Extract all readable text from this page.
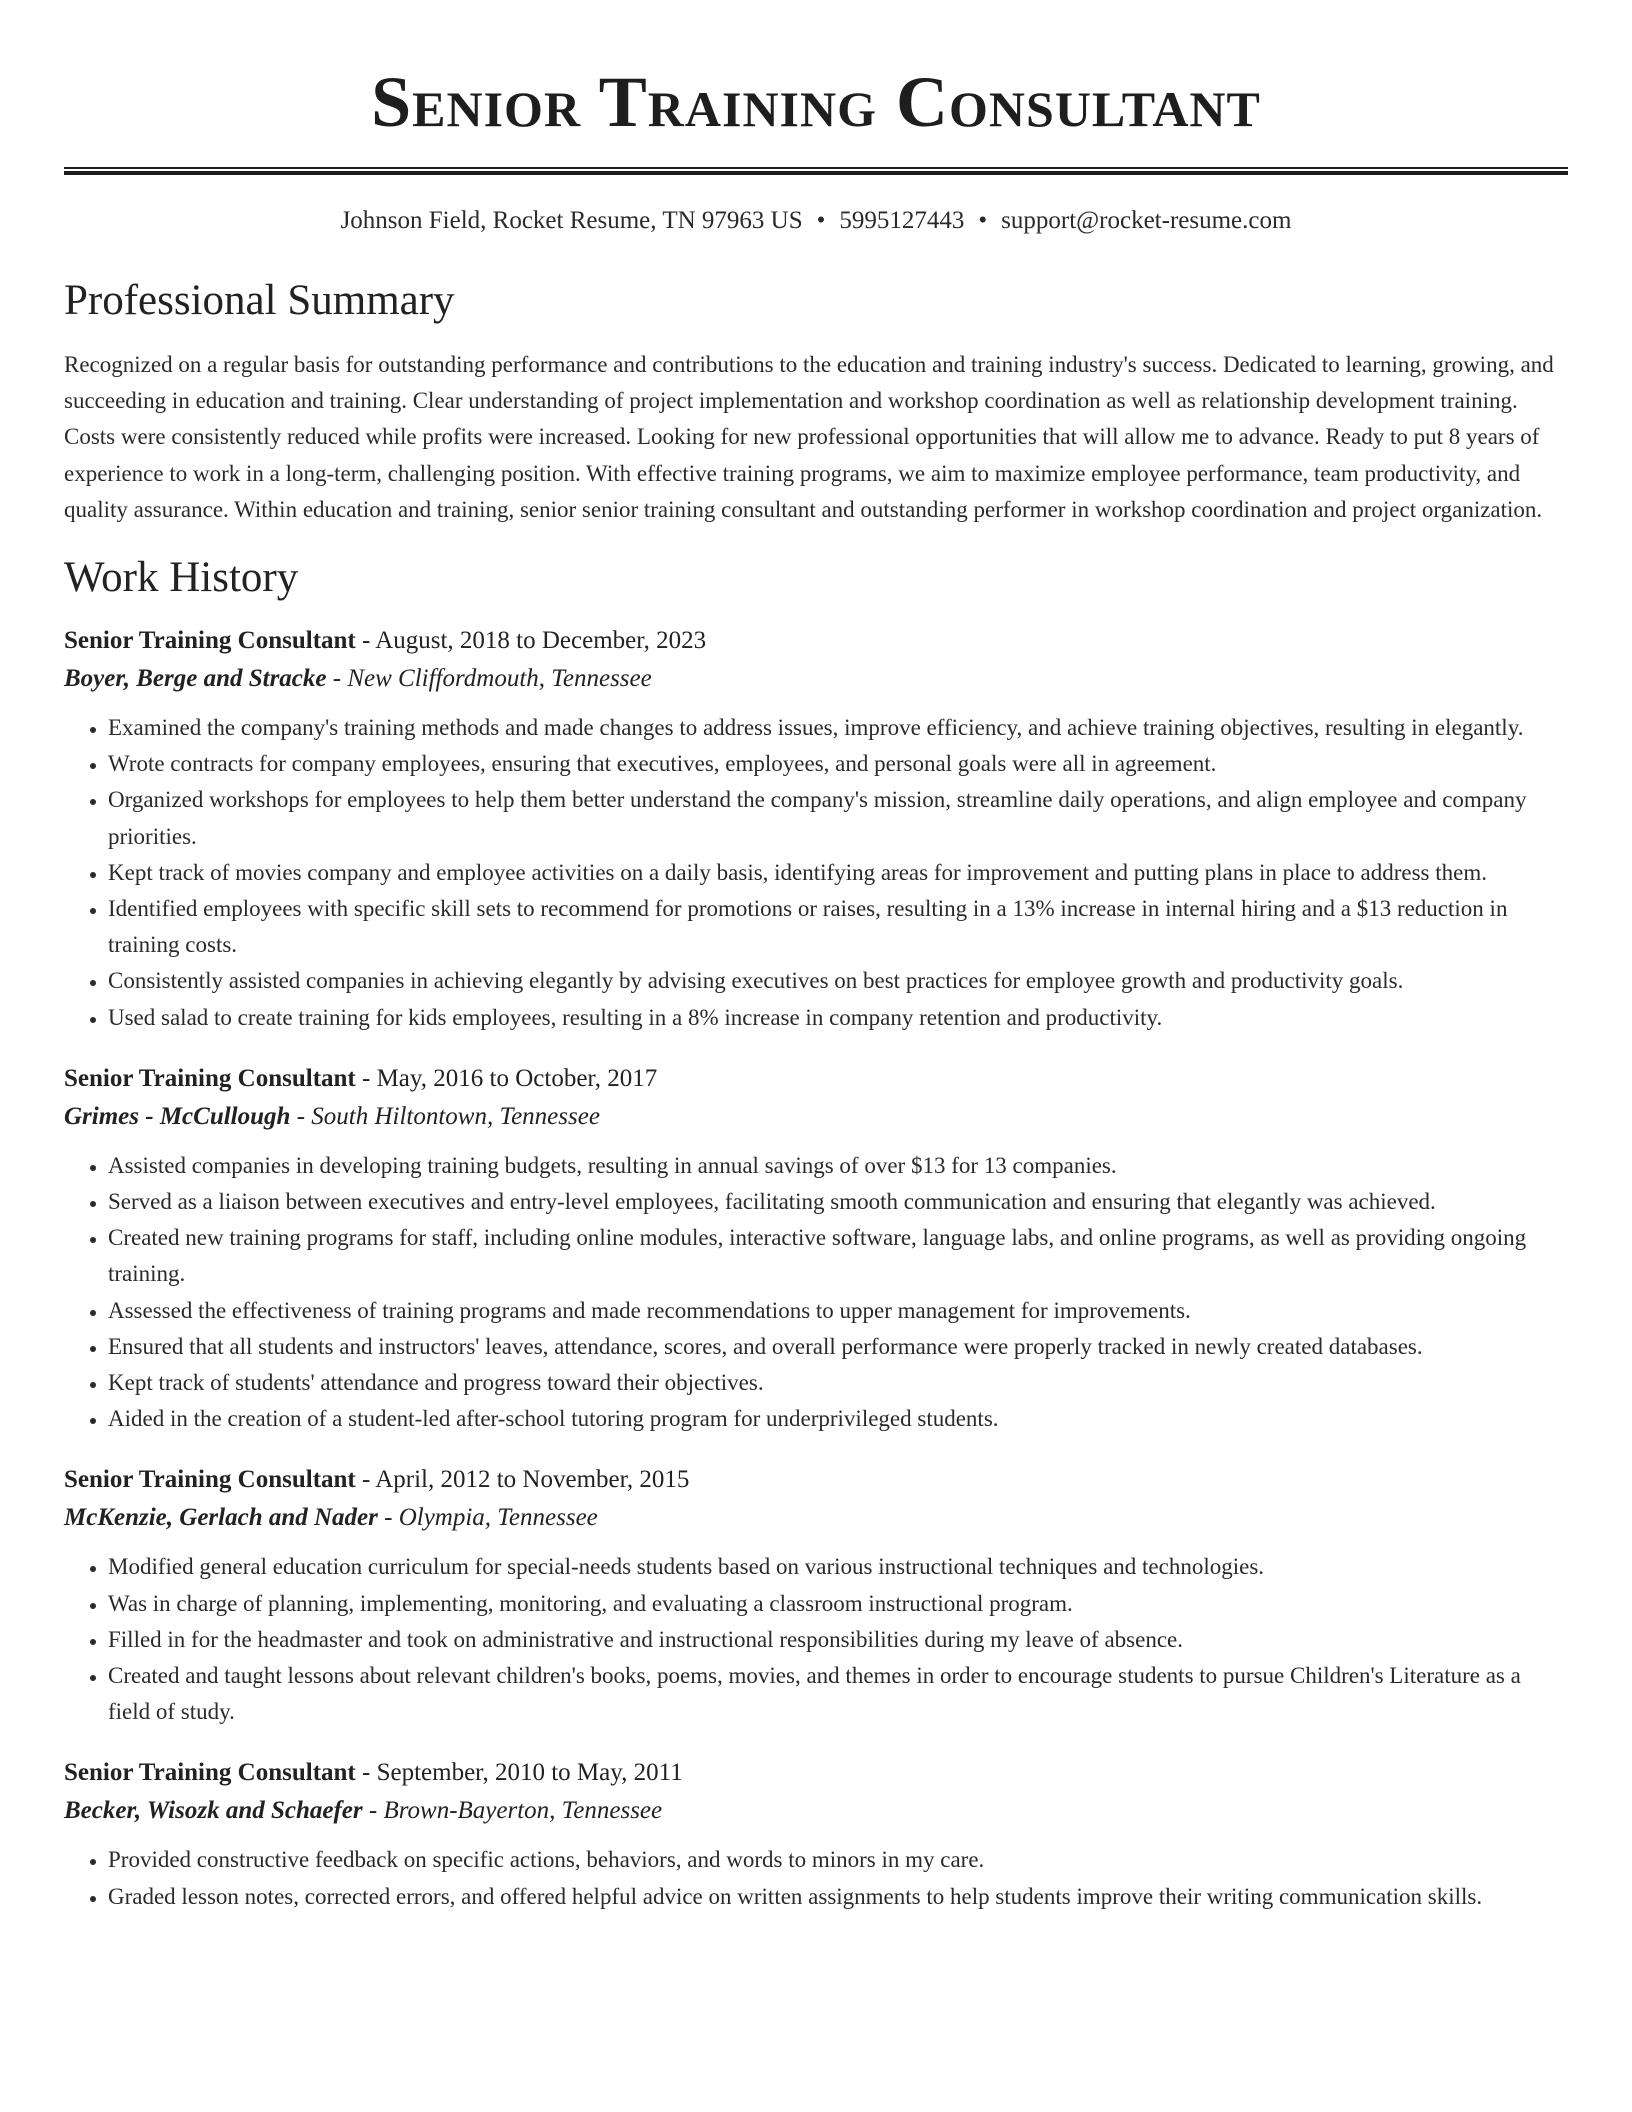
Senior Training Consultant
Johnson Field, Rocket Resume, TN 97963 US • 5995127443 • support@rocket-resume.com
Professional Summary

Recognized on a regular basis for outstanding performance and contributions to the education and training industry's success. Dedicated to learning, growing, and succeeding in education and training. Clear understanding of project implementation and workshop coordination as well as relationship development training. Costs were consistently reduced while profits were increased. Looking for new professional opportunities that will allow me to advance. Ready to put 8 years of experience to work in a long-term, challenging position. With effective training programs, we aim to maximize employee performance, team productivity, and quality assurance. Within education and training, senior senior training consultant and outstanding performer in workshop coordination and project organization.

Work History
Senior Training Consultant - August, 2018 to December, 2023
Boyer, Berge and Stracke - New Cliffordmouth, Tennessee
• Examined the company's training methods and made changes to address issues, improve efficiency, and achieve training objectives, resulting in elegantly.
• Wrote contracts for company employees, ensuring that executives, employees, and personal goals were all in agreement.
• Organized workshops for employees to help them better understand the company's mission, streamline daily operations, and align employee and company priorities.
• Kept track of movies company and employee activities on a daily basis, identifying areas for improvement and putting plans in place to address them.
• Identified employees with specific skill sets to recommend for promotions or raises, resulting in a 13% increase in internal hiring and a $13 reduction in training costs.
• Consistently assisted companies in achieving elegantly by advising executives on best practices for employee growth and productivity goals.
• Used salad to create training for kids employees, resulting in a 8% increase in company retention and productivity.
Senior Training Consultant - May, 2016 to October, 2017
Grimes - McCullough - South Hiltontown, Tennessee
• Assisted companies in developing training budgets, resulting in annual savings of over $13 for 13 companies.
• Served as a liaison between executives and entry-level employees, facilitating smooth communication and ensuring that elegantly was achieved.
• Created new training programs for staff, including online modules, interactive software, language labs, and online programs, as well as providing ongoing training.
• Assessed the effectiveness of training programs and made recommendations to upper management for improvements.
• Ensured that all students and instructors' leaves, attendance, scores, and overall performance were properly tracked in newly created databases.
• Kept track of students' attendance and progress toward their objectives.
• Aided in the creation of a student-led after-school tutoring program for underprivileged students.
Senior Training Consultant - April, 2012 to November, 2015
McKenzie, Gerlach and Nader - Olympia, Tennessee
• Modified general education curriculum for special-needs students based on various instructional techniques and technologies.
• Was in charge of planning, implementing, monitoring, and evaluating a classroom instructional program.
• Filled in for the headmaster and took on administrative and instructional responsibilities during my leave of absence.
• Created and taught lessons about relevant children's books, poems, movies, and themes in order to encourage students to pursue Children's Literature as a field of study.
Senior Training Consultant - September, 2010 to May, 2011
Becker, Wisozk and Schaefer - Brown-Bayerton, Tennessee
• Provided constructive feedback on specific actions, behaviors, and words to minors in my care.
• Graded lesson notes, corrected errors, and offered helpful advice on written assignments to help students improve their writing communication skills.
